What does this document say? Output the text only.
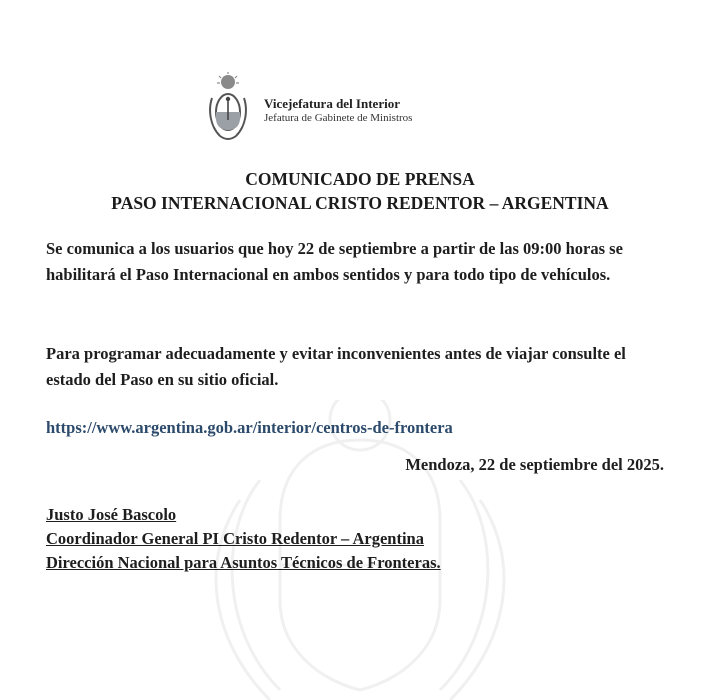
Vicejefatura del Interior
Jefatura de Gabinete de Ministros
COMUNICADO DE PRENSA
PASO INTERNACIONAL CRISTO REDENTOR – ARGENTINA
Se comunica a los usuarios que hoy 22 de septiembre a partir de las 09:00 horas se habilitará el Paso Internacional en ambos sentidos y para todo tipo de vehículos.
Para programar adecuadamente y evitar inconvenientes antes de viajar consulte el estado del Paso en su sitio oficial.
https://www.argentina.gob.ar/interior/centros-de-frontera
Mendoza, 22 de septiembre del 2025.
Justo José Bascolo
Coordinador General PI Cristo Redentor – Argentina
Dirección Nacional para Asuntos Técnicos de Fronteras.
